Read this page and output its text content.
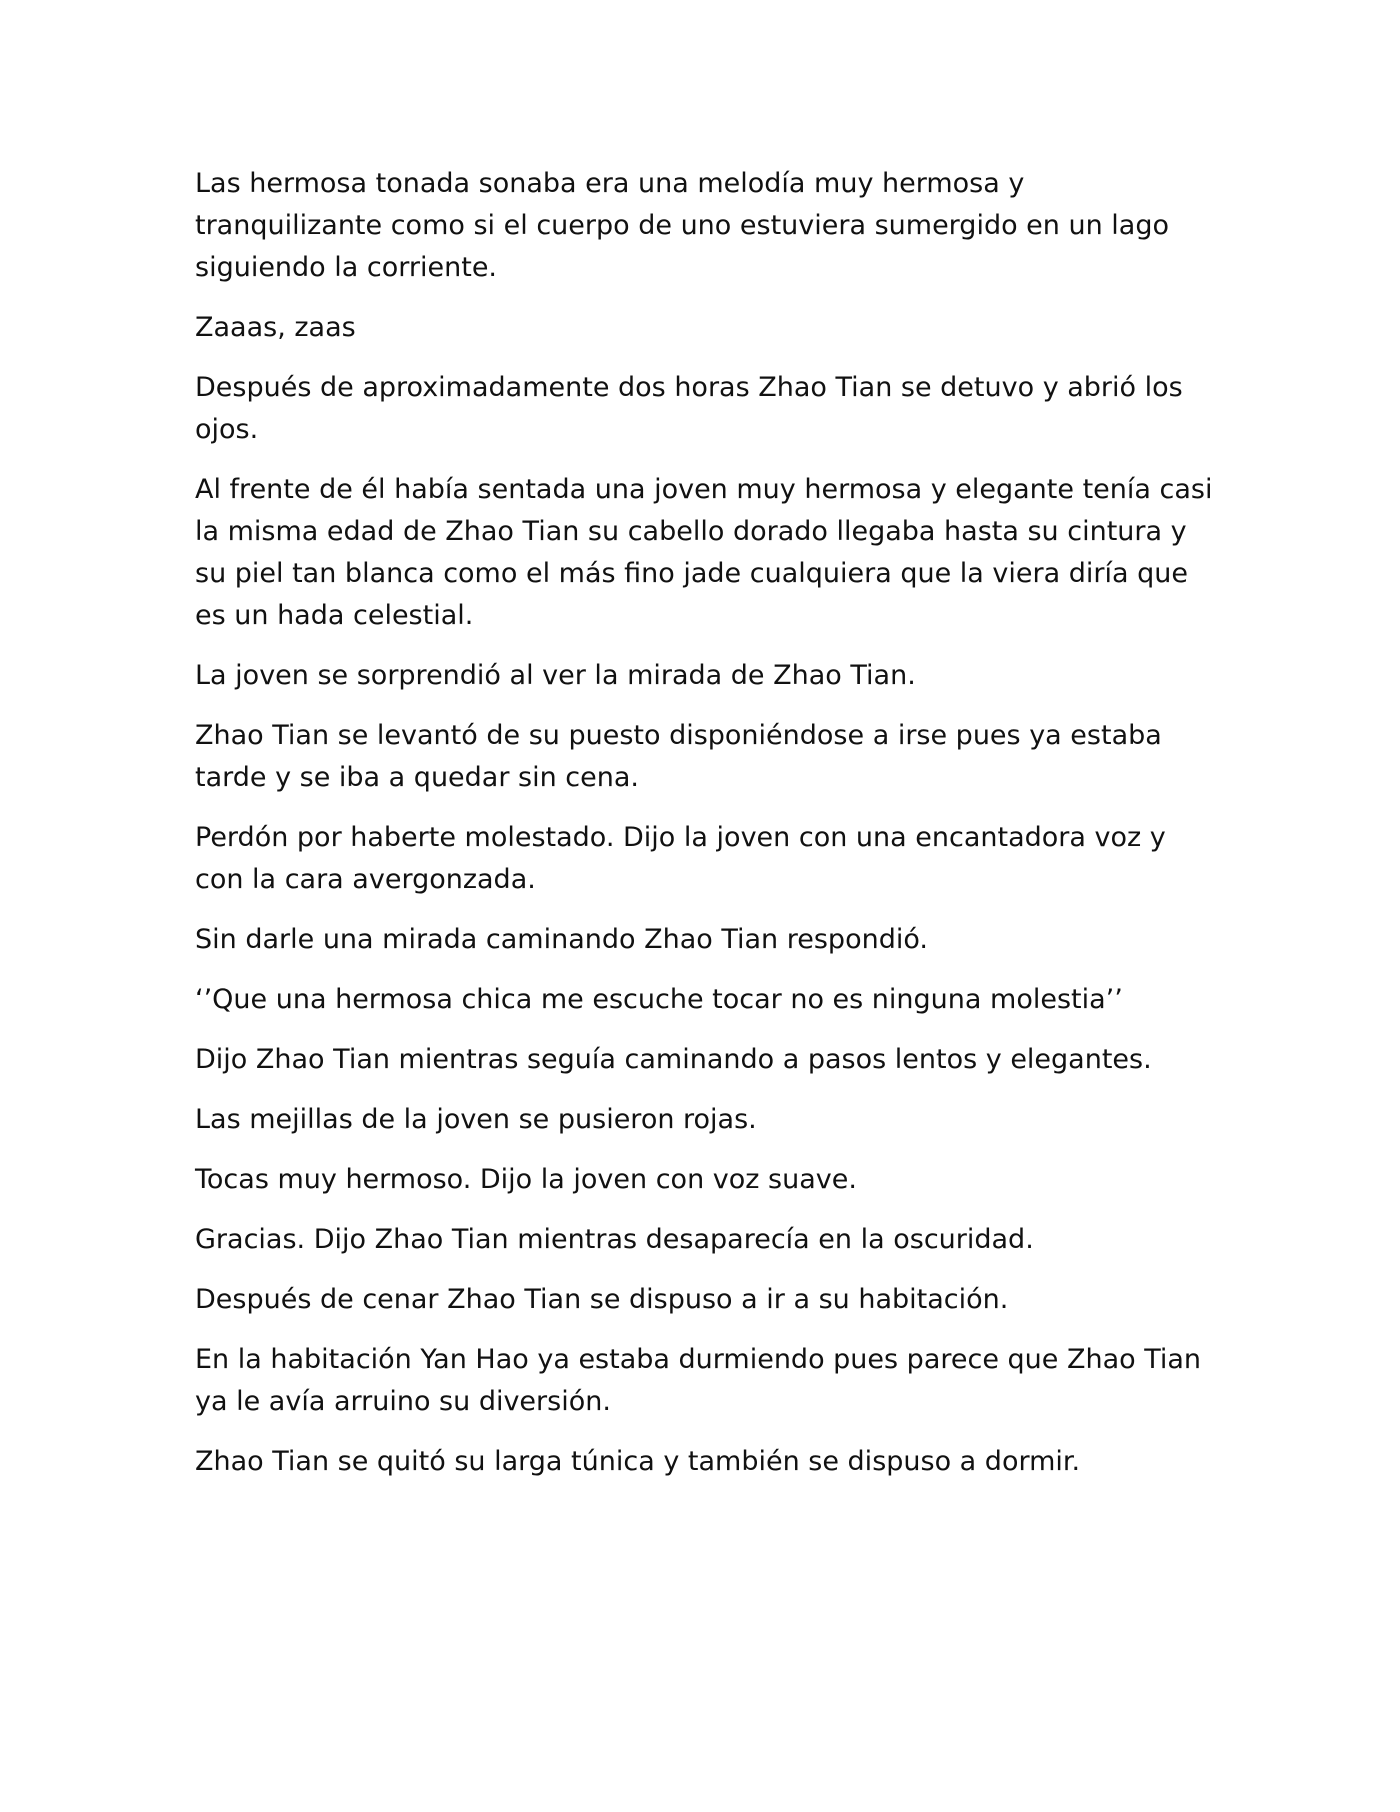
Las hermosa tonada sonaba era una melodía muy hermosa y tranquilizante como si el cuerpo de uno estuviera sumergido en un lago siguiendo la corriente.

Zaaas, zaas

Después de aproximadamente dos horas Zhao Tian se detuvo y abrió los ojos.

Al frente de él había sentada una joven muy hermosa y elegante tenía casi la misma edad de Zhao Tian su cabello dorado llegaba hasta su cintura y su piel tan blanca como el más fino jade cualquiera que la viera diría que es un hada celestial.

La joven se sorprendió al ver la mirada de Zhao Tian.

Zhao Tian se levantó de su puesto disponiéndose a irse pues ya estaba tarde y se iba a quedar sin cena.

Perdón por haberte molestado. Dijo la joven con una encantadora voz y con la cara avergonzada.

Sin darle una mirada caminando Zhao Tian respondió.

‘’Que una hermosa chica me escuche tocar no es ninguna molestia’’

Dijo Zhao Tian mientras seguía caminando a pasos lentos y elegantes.

Las mejillas de la joven se pusieron rojas.

Tocas muy hermoso. Dijo la joven con voz suave.

Gracias. Dijo Zhao Tian mientras desaparecía en la oscuridad.

Después de cenar Zhao Tian se dispuso a ir a su habitación.

En la habitación Yan Hao ya estaba durmiendo pues parece que Zhao Tian ya le avía arruino su diversión.

Zhao Tian se quitó su larga túnica y también se dispuso a dormir.
